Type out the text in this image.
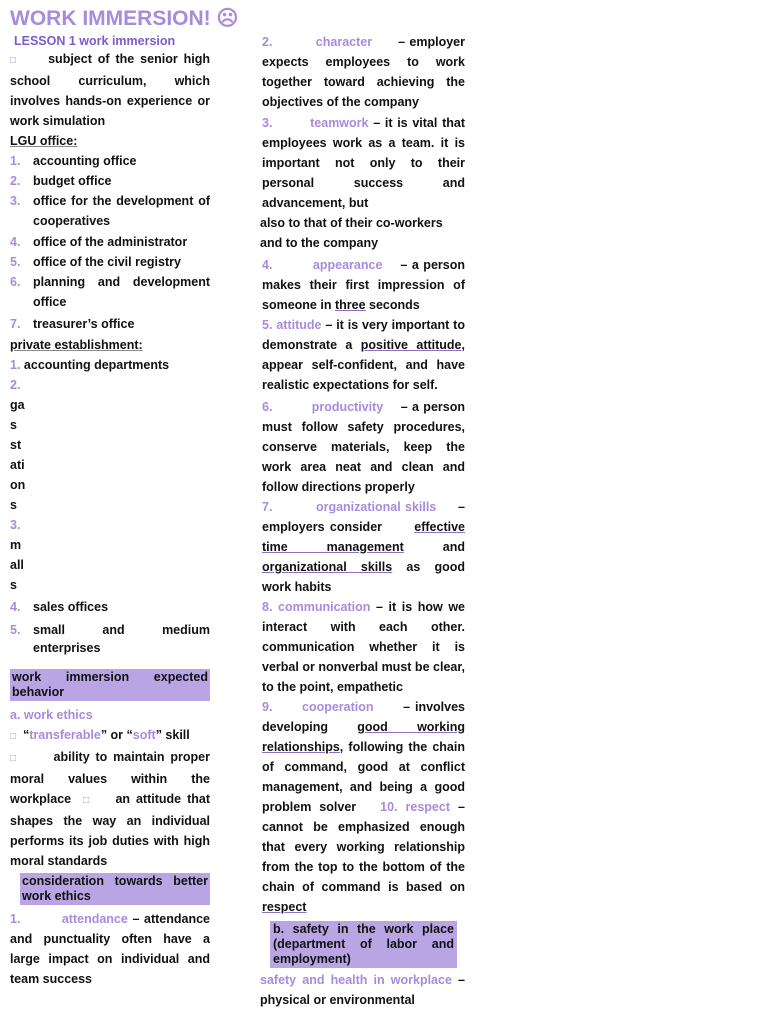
WORK IMMERSION! ☹
LESSON 1 work immersion

□ subject of the senior high school curriculum, which involves hands-on experience or work simulation

LGU office:

1.	accounting office
2.	budget office
3.	office for the development of cooperatives
4.	office of the administrator
5.	office of the civil registry
6.	planning and development office
7.	treasurer’s office

private establishment:

1. accounting departments

2.

ga
s
st
ati
on
s

3.

m
all
s
4.	sales offices
5.	small and medium enterprises
work immersion expected behavior

a. work ethics

□ “transferable” or “soft” skill

□	ability to maintain proper moral values within the workplace □ an attitude that shapes the way an individual performs its job duties with high moral standards

consideration towards better work ethics

1.	attendance – attendance and punctuality often have a large impact on individual and team success

2.	character – employer expects employees to work together toward achieving the objectives of the company

3.	teamwork – it is vital that employees work as a team. it is important not only to their personal success and advancement, but

also to that of their co-workers and to the company

4.	appearance – a person makes their first impression of someone in three seconds

5. attitude – it is very important to demonstrate a positive attitude, appear self-confident, and have realistic expectations for self.

6.	productivity – a person must follow safety procedures, conserve materials, keep the work area neat and clean and follow directions properly

7.	organizational skills – employers consider	effective time management	and organizational skills as good work habits

8. communication – it is how we interact with each other. communication whether it is verbal or nonverbal must be clear, to the point, empathetic

9. cooperation – involves developing good working relationships, following the chain of command, good at conflict management, and being a good problem solver 10. respect – cannot be emphasized enough that every working relationship from the top to the bottom of the chain of command is based on respect

b. safety in the work place (department of labor and employment)

safety and health in workplace – physical or environmental
